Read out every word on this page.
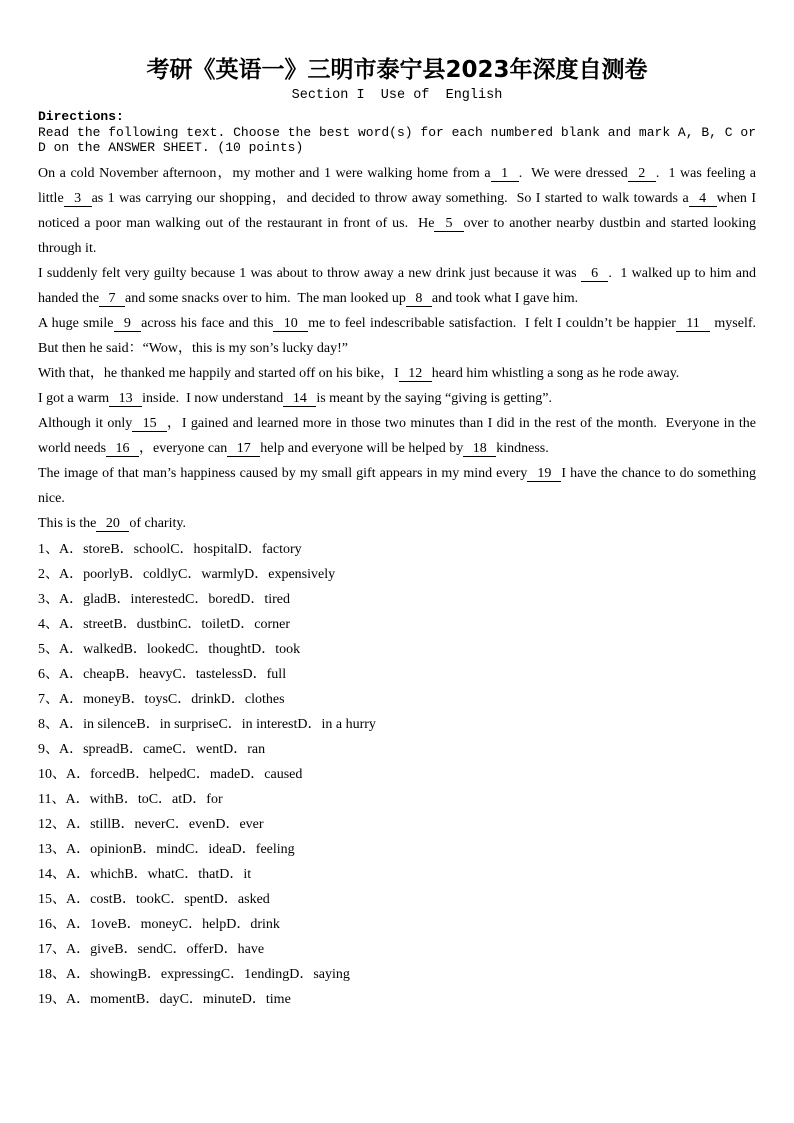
考研《英语一》三明市泰宁县2023年深度自测卷
Section I  Use of  English
Directions:
Read the following text. Choose the best word(s) for each numbered blank and mark A, B, C or D on the ANSWER SHEET. (10 points)

On a cold November afternoon，my mother and 1 were walking home from a 1 .  We were dressed 2 .  1 was feeling a little 3 as 1 was carrying our shopping，and decided to throw away something.  So I started to walk towards a 4 when I noticed a poor man walking out of the restaurant in front of us.  He 5 over to another nearby dustbin and started looking through it.

I suddenly felt very guilty because 1 was about to throw away a new drink just because it was  6 .  1 walked up to him and handed the 7 and some snacks over to him.  The man looked up 8 and took what I gave him.

A huge smile 9 across his face and this 10 me to feel indescribable satisfaction.  I felt I couldn’t be happier 11  myself.  But then he said：“Wow，this is my son’s lucky day!”

With that，he thanked me happily and started off on his bike，I 12 heard him whistling a song as he rode away.

I got a warm 13 inside.  I now understand 14 is meant by the saying “giving is getting”.

Although it only 15 ，I gained and learned more in those two minutes than I did in the rest of the month.  Everyone in the world needs 16 ，everyone can 17 help and everyone will be helped by 18 kindness.

The image of that man’s happiness caused by my small gift appears in my mind every 19 I have the chance to do something nice.

This is the 20 of charity.

1、A．storeB．schoolC．hospitalD．factory
2、A．poorlyB．coldlyC．warmlyD．expensively
3、A．gladB．interestedC．boredD．tired
4、A．streetB．dustbinC．toiletD．corner
5、A．walkedB．lookedC．thoughtD．took
6、A．cheapB．heavyC．tastelessD．full
7、A．moneyB．toysC．drinkD．clothes
8、A．in silenceB．in surpriseC．in interestD．in a hurry
9、A．spreadB．cameC．wentD．ran
10、A．forcedB．helpedC．madeD．caused
11、A．withB．toC．atD．for
12、A．stillB．neverC．evenD．ever
13、A．opinionB．mindC．ideaD．feeling
14、A．whichB．whatC．thatD．it
15、A．costB．tookC．spentD．asked
16、A．1oveB．moneyC．helpD．drink
17、A．giveB．sendC．offerD．have
18、A．showingB．expressingC．1endingD．saying
19、A．momentB．dayC．minuteD．time
